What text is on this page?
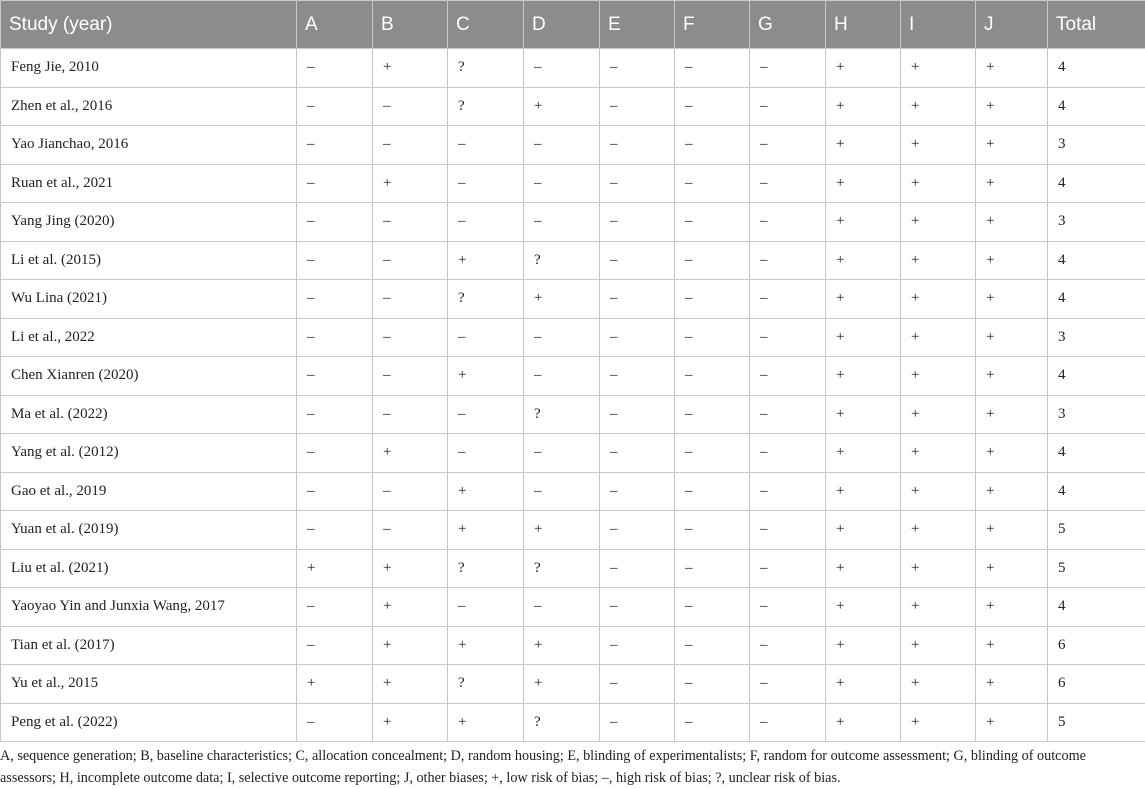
Study (year)	A	B	C	D	E	F	G	H	I	J	Total
Feng Jie, 2010	–	+	?	–	–	–	–	+	+	+	4
Zhen et al., 2016	–	–	?	+	–	–	–	+	+	+	4
Yao Jianchao, 2016	–	–	–	–	–	–	–	+	+	+	3
Ruan et al., 2021	–	+	–	–	–	–	–	+	+	+	4
Yang Jing (2020)	–	–	–	–	–	–	–	+	+	+	3
Li et al. (2015)	–	–	+	?	–	–	–	+	+	+	4
Wu Lina (2021)	–	–	?	+	–	–	–	+	+	+	4
Li et al., 2022	–	–	–	–	–	–	–	+	+	+	3
Chen Xianren (2020)	–	–	+	–	–	–	–	+	+	+	4
Ma et al. (2022)	–	–	–	?	–	–	–	+	+	+	3
Yang et al. (2012)	–	+	–	–	–	–	–	+	+	+	4
Gao et al., 2019	–	–	+	–	–	–	–	+	+	+	4
Yuan et al. (2019)	–	–	+	+	–	–	–	+	+	+	5
Liu et al. (2021)	+	+	?	?	–	–	–	+	+	+	5
Yaoyao Yin and Junxia Wang, 2017	–	+	–	–	–	–	–	+	+	+	4
Tian et al. (2017)	–	+	+	+	–	–	–	+	+	+	6
Yu et al., 2015	+	+	?	+	–	–	–	+	+	+	6
Peng et al. (2022)	–	+	+	?	–	–	–	+	+	+	5
A, sequence generation; B, baseline characteristics; C, allocation concealment; D, random housing; E, blinding of experimentalists; F, random for outcome assessment; G, blinding of outcome assessors; H, incomplete outcome data; I, selective outcome reporting; J, other biases; +, low risk of bias; –, high risk of bias; ?, unclear risk of bias.
